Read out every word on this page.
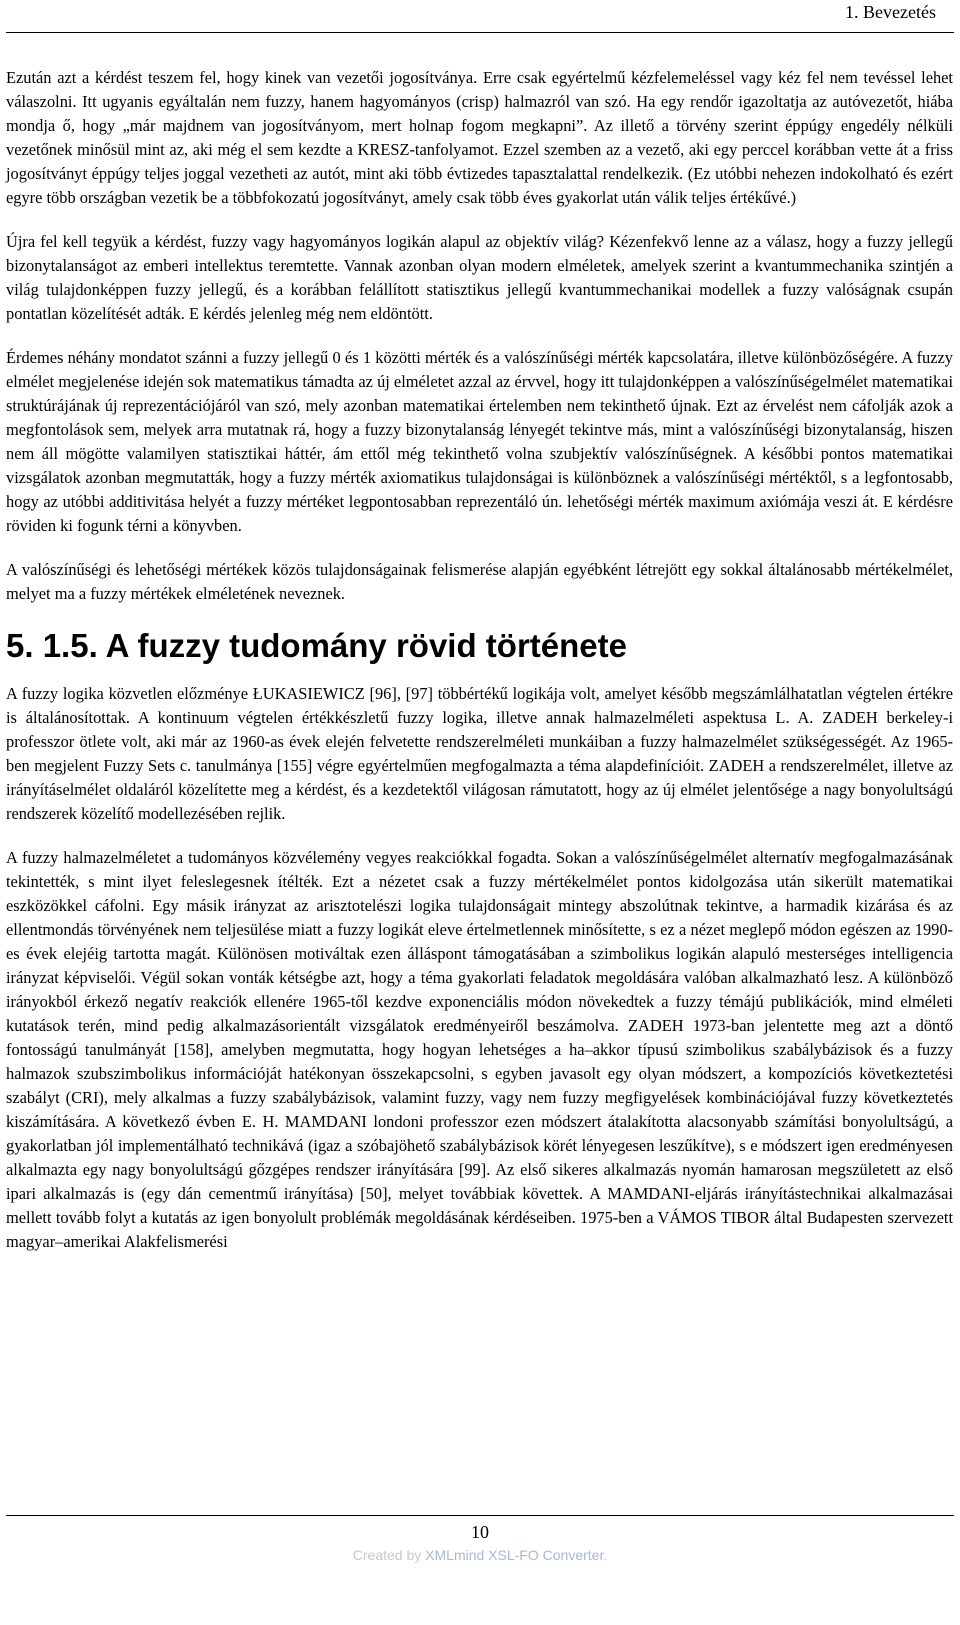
1. Bevezetés

Ezután azt a kérdést teszem fel, hogy kinek van vezetői jogosítványa. Erre csak egyértelmű kézfelemeléssel vagy kéz fel nem tevéssel lehet válaszolni. Itt ugyanis egyáltalán nem fuzzy, hanem hagyományos (crisp) halmazról van szó. Ha egy rendőr igazoltatja az autóvezetőt, hiába mondja ő, hogy „már majdnem van jogosítványom, mert holnap fogom megkapni”. Az illető a törvény szerint éppúgy engedély nélküli vezetőnek minősül mint az, aki még el sem kezdte a KRESZ-tanfolyamot. Ezzel szemben az a vezető, aki egy perccel korábban vette át a friss jogosítványt éppúgy teljes joggal vezetheti az autót, mint aki több évtizedes tapasztalattal rendelkezik. (Ez utóbbi nehezen indokolható és ezért egyre több országban vezetik be a többfokozatú jogosítványt, amely csak több éves gyakorlat után válik teljes értékűvé.)

Újra fel kell tegyük a kérdést, fuzzy vagy hagyományos logikán alapul az objektív világ? Kézenfekvő lenne az a válasz, hogy a fuzzy jellegű bizonytalanságot az emberi intellektus teremtette. Vannak azonban olyan modern elméletek, amelyek szerint a kvantummechanika szintjén a világ tulajdonképpen fuzzy jellegű, és a korábban felállított statisztikus jellegű kvantummechanikai modellek a fuzzy valóságnak csupán pontatlan közelítését adták. E kérdés jelenleg még nem eldöntött.

Érdemes néhány mondatot szánni a fuzzy jellegű 0 és 1 közötti mérték és a valószínűségi mérték kapcsolatára, illetve különbözőségére. A fuzzy elmélet megjelenése idején sok matematikus támadta az új elméletet azzal az érvvel, hogy itt tulajdonképpen a valószínűségelmélet matematikai struktúrájának új reprezentációjáról van szó, mely azonban matematikai értelemben nem tekinthető újnak. Ezt az érvelést nem cáfolják azok a megfontolások sem, melyek arra mutatnak rá, hogy a fuzzy bizonytalanság lényegét tekintve más, mint a valószínűségi bizonytalanság, hiszen nem áll mögötte valamilyen statisztikai háttér, ám ettől még tekinthető volna szubjektív valószínűségnek. A későbbi pontos matematikai vizsgálatok azonban megmutatták, hogy a fuzzy mérték axiomatikus tulajdonságai is különböznek a valószínűségi mértéktől, s a legfontosabb, hogy az utóbbi additivitása helyét a fuzzy mértéket legpontosabban reprezentáló ún. lehetőségi mérték maximum axiómája veszi át. E kérdésre röviden ki fogunk térni a könyvben.

A valószínűségi és lehetőségi mértékek közös tulajdonságainak felismerése alapján egyébként létrejött egy sokkal általánosabb mértékelmélet, melyet ma a fuzzy mértékek elméletének neveznek.

5. 1.5. A fuzzy tudomány rövid története

A fuzzy logika közvetlen előzménye ŁUKASIEWICZ [96], [97] többértékű logikája volt, amelyet később megszámlálhatatlan végtelen értékre is általánosítottak. A kontinuum végtelen értékkészletű fuzzy logika, illetve annak halmazelméleti aspektusa L. A. ZADEH berkeley-i professzor ötlete volt, aki már az 1960-as évek elején felvetette rendszerelméleti munkáiban a fuzzy halmazelmélet szükségességét. Az 1965-ben megjelent Fuzzy Sets c. tanulmánya [155] végre egyértelműen megfogalmazta a téma alapdefinícióit. ZADEH a rendszerelmélet, illetve az irányításelmélet oldaláról közelítette meg a kérdést, és a kezdetektől világosan rámutatott, hogy az új elmélet jelentősége a nagy bonyolultságú rendszerek közelítő modellezésében rejlik.

A fuzzy halmazelméletet a tudományos közvélemény vegyes reakciókkal fogadta. Sokan a valószínűségelmélet alternatív megfogalmazásának tekintették, s mint ilyet feleslegesnek ítélték. Ezt a nézetet csak a fuzzy mértékelmélet pontos kidolgozása után sikerült matematikai eszközökkel cáfolni. Egy másik irányzat az arisztotelészi logika tulajdonságait mintegy abszolútnak tekintve, a harmadik kizárása és az ellentmondás törvényének nem teljesülése miatt a fuzzy logikát eleve értelmetlennek minősítette, s ez a nézet meglepő módon egészen az 1990-es évek elejéig tartotta magát. Különösen motiváltak ezen álláspont támogatásában a szimbolikus logikán alapuló mesterséges intelligencia irányzat képviselői. Végül sokan vonták kétségbe azt, hogy a téma gyakorlati feladatok megoldására valóban alkalmazható lesz. A különböző irányokból érkező negatív reakciók ellenére 1965-től kezdve exponenciális módon növekedtek a fuzzy témájú publikációk, mind elméleti kutatások terén, mind pedig alkalmazásorientált vizsgálatok eredményeiről beszámolva. ZADEH 1973-ban jelentette meg azt a döntő fontosságú tanulmányát [158], amelyben megmutatta, hogy hogyan lehetséges a ha–akkor típusú szimbolikus szabálybázisok és a fuzzy halmazok szubszimbolikus információját hatékonyan összekapcsolni, s egyben javasolt egy olyan módszert, a kompozíciós következtetési szabályt (CRI), mely alkalmas a fuzzy szabálybázisok, valamint fuzzy, vagy nem fuzzy megfigyelések kombinációjával fuzzy következtetés kiszámítására. A következő évben E. H. MAMDANI londoni professzor ezen módszert átalakította alacsonyabb számítási bonyolultságú, a gyakorlatban jól implementálható technikává (igaz a szóbajöhető szabálybázisok körét lényegesen leszűkítve), s e módszert igen eredményesen alkalmazta egy nagy bonyolultságú gőzgépes rendszer irányítására [99]. Az első sikeres alkalmazás nyomán hamarosan megszületett az első ipari alkalmazás is (egy dán cementmű irányítása) [50], melyet továbbiak követtek. A MAMDANI-eljárás irányítástechnikai alkalmazásai mellett tovább folyt a kutatás az igen bonyolult problémák megoldásának kérdéseiben. 1975-ben a VÁMOS TIBOR által Budapesten szervezett magyar–amerikai Alakfelismerési

10
Created by XMLmind XSL-FO Converter.
